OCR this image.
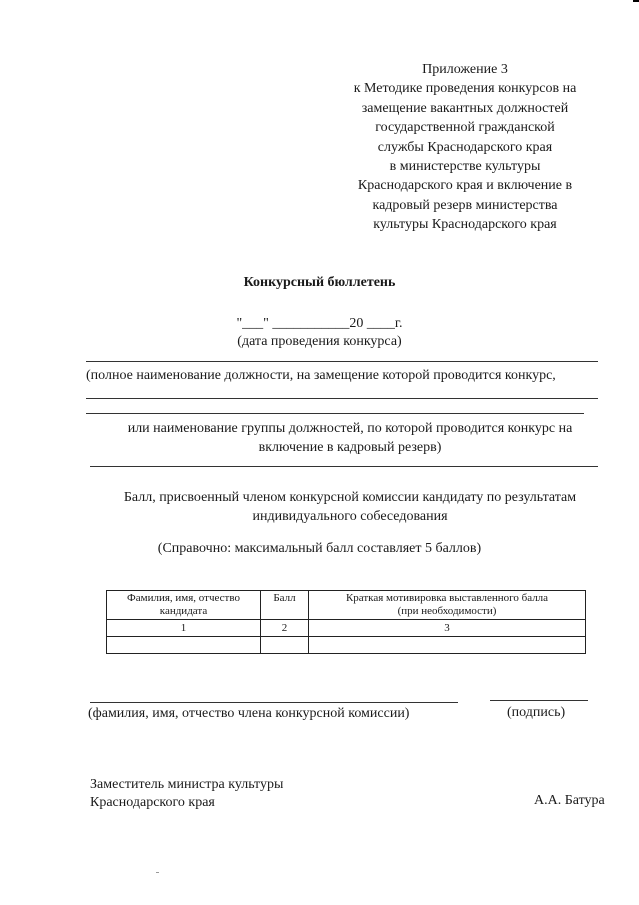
Приложение 3
к Методике проведения конкурсов на
замещение вакантных должностей
государственной гражданской
службы Краснодарского края
в министерстве культуры
Краснодарского края и включение в
кадровый резерв министерства
культуры Краснодарского края
Конкурсный бюллетень
"___" ___________20 ____г.
(дата проведения конкурса)
(полное наименование должности, на замещение которой проводится конкурс,
или наименование группы должностей, по которой проводится конкурс на
включение в кадровый резерв)
Балл, присвоенный членом конкурсной комиссии кандидату по результатам
индивидуального собеседования
(Справочно: максимальный балл составляет 5 баллов)
Фамилия, имя, отчество
кандидата	Балл	Краткая мотивировка выставленного балла
(при необходимости)
1	2	3

(фамилия, имя, отчество члена конкурсной комиссии)	(подпись)
Заместитель министра культуры
Краснодарского края	А.А. Батура
